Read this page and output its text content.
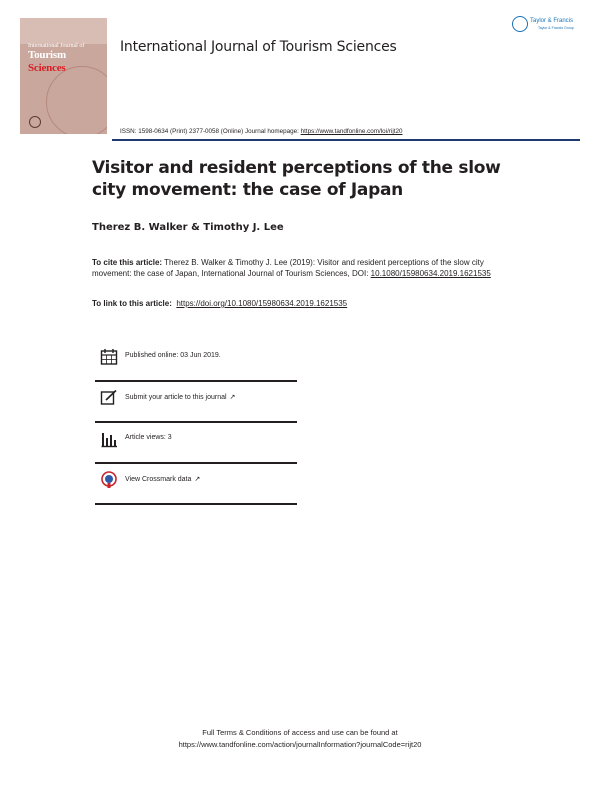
International Journal of
Tourism
Sciences
International Journal of Tourism Sciences
Taylor & Francis
Taylor & Francis Group
ISSN: 1598-0634 (Print) 2377-0058 (Online) Journal homepage: https://www.tandfonline.com/loi/rijt20
Visitor and resident perceptions of the slow city movement: the case of Japan
Therez B. Walker & Timothy J. Lee
To cite this article: Therez B. Walker & Timothy J. Lee (2019): Visitor and resident perceptions of the slow city movement: the case of Japan, International Journal of Tourism Sciences, DOI: 10.1080/15980634.2019.1621535
To link to this article: https://doi.org/10.1080/15980634.2019.1621535
Published online: 03 Jun 2019.
Submit your article to this journal ↗
Article views: 3
View Crossmark data ↗
Full Terms & Conditions of access and use can be found at
https://www.tandfonline.com/action/journalInformation?journalCode=rijt20
